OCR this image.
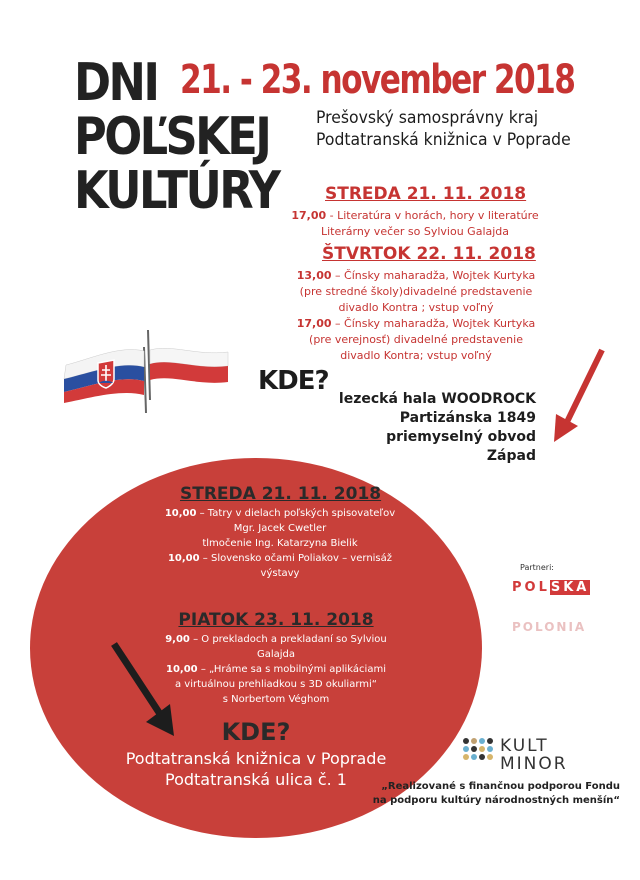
DNI
POĽSKEJ
KULTÚRY
21. - 23. november 2018
Prešovský samosprávny kraj
Podtatranská knižnica v Poprade
STREDA 21. 11. 2018
17,00 - Literatúra v horách, hory v literatúre
Literárny večer so Sylviou Galajda
ŠTVRTOK 22. 11. 2018
13,00 – Čínsky maharadža, Wojtek Kurtyka
(pre stredné školy)divadelné predstavenie
divadlo Kontra ; vstup voľný
17,00 – Čínsky maharadža, Wojtek Kurtyka
(pre verejnosť) divadelné predstavenie
divadlo Kontra; vstup voľný
KDE?
lezecká hala WOODROCK
Partizánska 1849
priemyselný obvod
Západ
STREDA 21. 11. 2018
10,00 – Tatry v dielach poľských spisovateľov
Mgr. Jacek Cwetler
tlmočenie Ing. Katarzyna Bielik
10,00 – Slovensko očami Poliakov – vernisáž
výstavy
PIATOK 23. 11. 2018
9,00 – O prekladoch a prekladaní so Sylviou
Galajda
10,00 – „Hráme sa s mobilnými aplikáciami
a virtuálnou prehliadkou s 3D okuliarmi“
s Norbertom Véghom
KDE?
Podtatranská knižnica v Poprade
Podtatranská ulica č. 1
Partneri:
POLSKA
POLONIA
KULT
MINOR
„Realizované s finančnou podporou Fondu
na podporu kultúry národnostných menšín“
